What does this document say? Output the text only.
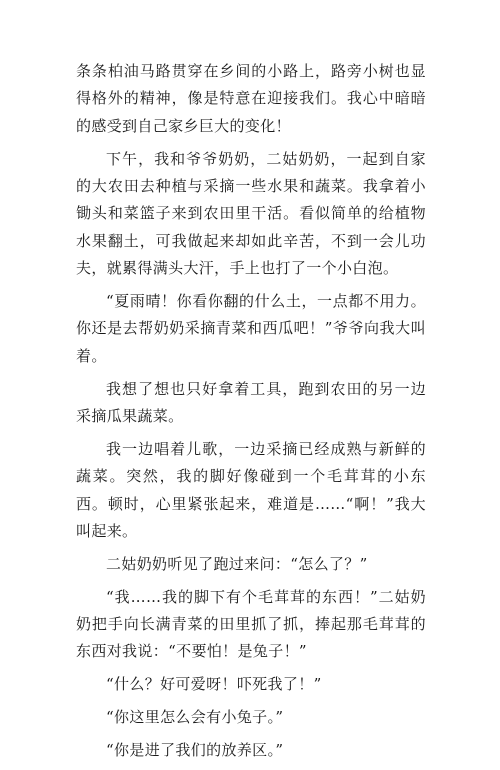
条条柏油马路贯穿在乡间的小路上，路旁小树也显得格外的精神，像是特意在迎接我们。我心中暗暗的感受到自己家乡巨大的变化！

下午，我和爷爷奶奶，二姑奶奶，一起到自家的大农田去种植与采摘一些水果和蔬菜。我拿着小锄头和菜篮子来到农田里干活。看似简单的给植物水果翻土，可我做起来却如此辛苦，不到一会儿功夫，就累得满头大汗，手上也打了一个小白泡。

“夏雨晴！你看你翻的什么土，一点都不用力。你还是去帮奶奶采摘青菜和西瓜吧！”爷爷向我大叫着。

我想了想也只好拿着工具，跑到农田的另一边采摘瓜果蔬菜。

我一边唱着儿歌，一边采摘已经成熟与新鲜的蔬菜。突然，我的脚好像碰到一个毛茸茸的小东西。顿时，心里紧张起来，难道是……“啊！”我大叫起来。

二姑奶奶听见了跑过来问：“怎么了？”

“我……我的脚下有个毛茸茸的东西！”二姑奶奶把手向长满青菜的田里抓了抓，捧起那毛茸茸的东西对我说：“不要怕！是兔子！”

“什么？好可爱呀！吓死我了！”

“你这里怎么会有小兔子。”

“你是进了我们的放养区。”
